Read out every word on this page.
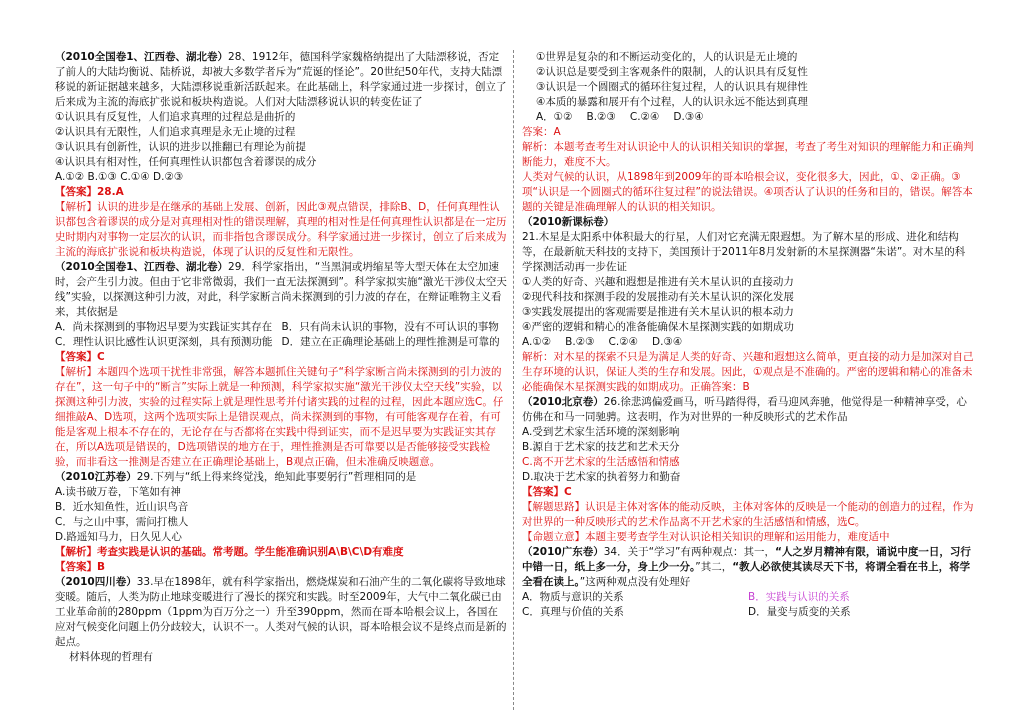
（2010全国卷1、江西卷、湖北卷）28、1912年，德国科学家魏格纳提出了大陆漂移说，否定了前人的大陆均衡说、陆桥说，却被大多数学者斥为“荒诞的怪论”。20世纪50年代，支持大陆漂移说的新证据越来越多，大陆漂移说重新活跃起来。在此基础上，科学家通过进一步探讨，创立了后来成为主流的海底扩张说和板块构造说。人们对大陆漂移说认识的转变佐证了

①认识具有反复性，人们追求真理的过程总是曲折的

②认识具有无限性，人们追求真理是永无止境的过程

③认识具有创新性，认识的进步以推翻已有理论为前提

④认识具有相对性，任何真理性认识都包含着谬误的成分

A.①② B.①③ C.①④ D.②③

【答案】28.A

【解析】认识的进步是在继承的基础上发展、创新，因此③观点错误，排除B、D，任何真理性认识都包含着谬误的成分是对真理相对性的错误理解，真理的相对性是任何真理性认识都是在一定历史时期内对事物一定层次的认识，而非指包含谬误成分。科学家通过进一步探讨，创立了后来成为主流的海底扩张说和板块构造说，体现了认识的反复性和无限性。

（2010全国卷1、江西卷、湖北卷）29．科学家指出，“当黑洞或坍缩星等大型天体在太空加速时，会产生引力波。但由于它非常微弱，我们一直无法探测到”。科学家拟实施“激光干涉仪太空天线”实验，以探测这种引力波，对此，科学家断言尚未探测到的引力波的存在，在辩证唯物主义看来，其依据是

A．尚未探测到的事物迟早要为实践证实其存在 B．只有尚未认识的事物，没有不可认识的事物
C．理性认识比感性认识更深刻，具有预测功能 D．建立在正确理论基础上的理性推测是可靠的

【答案】C

【解析】本题四个选项干扰性非常强，解答本题抓住关键句子“科学家断言尚未探测到的引力波的存在”，这一句子中的“断言”实际上就是一种预测，科学家拟实施“激光干涉仪太空天线”实验，以探测这种引力波，实验的过程实际上就是理性思考并付诸实践的过程的过程，因此本题应选C。仔细推敲A、D选项，这两个选项实际上是错误观点，尚未探测到的事物，有可能客观存在着，有可能是客观上根本不存在的，无论存在与否都将在实践中得到证实，而不是迟早要为实践证实其存在，所以A选项是错误的，D选项错误的地方在于，理性推测是否可靠要以是否能够接受实践检验，而非看这一推测是否建立在正确理论基础上，B观点正确，但未准确反映题意。

（2010江苏卷）29.下列与“纸上得来终觉浅，绝知此事要躬行”哲理相同的是

A.读书破万卷，下笔如有神

B．近水知鱼性，近山识鸟音

C．与之山中事，需问打樵人

D.路遥知马力，日久见人心

【解析】考查实践是认识的基础。常考题。学生能准确识别A\B\C\D有难度

【答案】B

（2010四川卷）33.早在1898年，就有科学家指出，燃烧煤炭和石油产生的二氧化碳将导致地球变暖。随后，人类为防止地球变暖进行了漫长的探究和实践。时至2009年，大气中二氧化碳已由工业革命前的280ppm（1ppm为百万分之一）升至390ppm，然而在哥本哈根会议上，各国在应对气候变化问题上仍分歧较大，认识不一。人类对气候的认识，哥本哈根会议不是终点而是新的起点。

材料体现的哲理有

①世界是复杂的和不断运动变化的，人的认识是无止境的

②认识总是要受到主客观条件的限制，人的认识具有反复性

③认识是一个圆圈式的循环往复过程，人的认识具有规律性

④本质的暴露和展开有个过程，人的认识永远不能达到真理

A．①② B.②③ C.②④ D.③④

答案：A

解析：本题考查考生对认识论中人的认识相关知识的掌握，考查了考生对知识的理解能力和正确判断能力，难度不大。

人类对气候的认识，从1898年到2009年的哥本哈根会议，变化很多大，因此，①、②正确。③项“认识是一个圆圈式的循环往复过程”的说法错误。④项否认了认识的任务和目的，错误。解答本题的关键是准确理解人的认识的相关知识。

（2010新课标卷）

21.木星是太阳系中体积最大的行星，人们对它充满无限遐想。为了解木星的形成、进化和结构等，在最新航天科技的支持下，美国预计于2011年8月发射新的木星探测器“朱诺”。对木星的科学探测活动再一步佐证

①人类的好奇、兴趣和遐想是推进有关木星认识的直接动力

②现代科技和探测手段的发展推动有关木星认识的深化发展

③实践发展提出的客观需要是推进有关木星认识的根本动力

④严密的逻辑和精心的准备能确保木星探测实践的如期成功

A.①② B.②③ C.②④ D.③④

解析：对木星的探索不只是为满足人类的好奇、兴趣和遐想这么简单，更直接的动力是加深对自己生存环境的认识，保证人类的生存和发展。因此，①观点是不准确的。严密的逻辑和精心的准备未必能确保木星探测实践的如期成功。正确答案：B

（2010北京卷）26.徐悲鸿偏爱画马，听马踏得得，看马迎风奔驰，他觉得是一种精神享受，心仿佛在和马一同驰骋。这表明，作为对世界的一种反映形式的艺术作品

A.受到艺术家生活环境的深刻影响

B.源自于艺术家的技艺和艺术天分

C.离不开艺术家的生活感悟和情感

D.取决于艺术家的执着努力和勤奋

【答案】C

【解题思路】认识是主体对客体的能动反映，主体对客体的反映是一个能动的创造力的过程，作为对世界的一种反映形式的艺术作品离不开艺术家的生活感悟和情感，选C。

【命题立意】本题主要考查学生对认识论相关知识的理解和运用能力，难度适中

（2010广东卷）34．关于“学习”有两种观点：其一，“人之岁月精神有限，诵说中度一日，习行中错一日，纸上多一分，身上少一分。”其二，“教人必欲使其读尽天下书，将谓全看在书上，将学全看在读上。”这两种观点没有处理好

A．物质与意识的关系	B．实践与认识的关系
C．真理与价值的关系	D．量变与质变的关系
